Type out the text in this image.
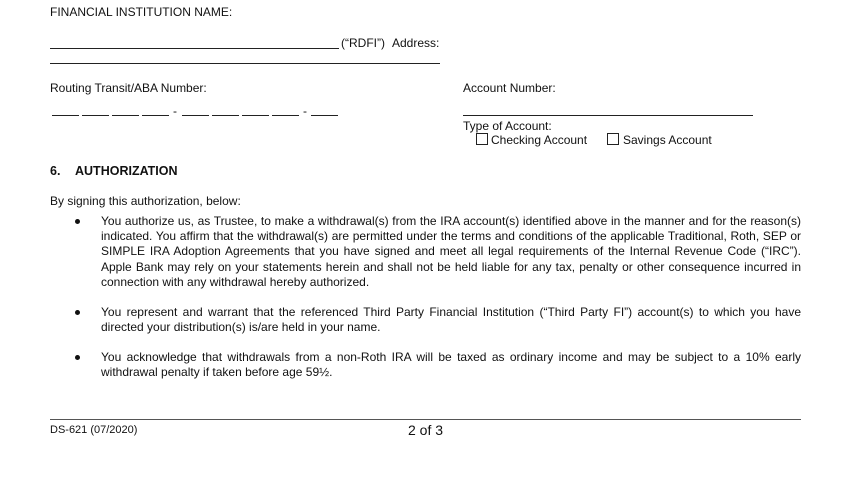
FINANCIAL INSTITUTION NAME:
(“RDFI”) Address:
Routing Transit/ABA Number:
-	-
Account Number:
Type of Account:
Checking Account	Savings Account
6. AUTHORIZATION
By signing this authorization, below:
You authorize us, as Trustee, to make a withdrawal(s) from the IRA account(s) identified above in the manner and for the reason(s) indicated. You affirm that the withdrawal(s) are permitted under the terms and conditions of the applicable Traditional, Roth, SEP or SIMPLE IRA Adoption Agreements that you have signed and meet all legal requirements of the Internal Revenue Code (“IRC”). Apple Bank may rely on your statements herein and shall not be held liable for any tax, penalty or other consequence incurred in connection with any withdrawal hereby authorized.
You represent and warrant that the referenced Third Party Financial Institution (“Third Party FI”) account(s) to which you have directed your distribution(s) is/are held in your name.
You acknowledge that withdrawals from a non-Roth IRA will be taxed as ordinary income and may be subject to a 10% early withdrawal penalty if taken before age 59½.
DS-621 (07/2020)	2 of 3
